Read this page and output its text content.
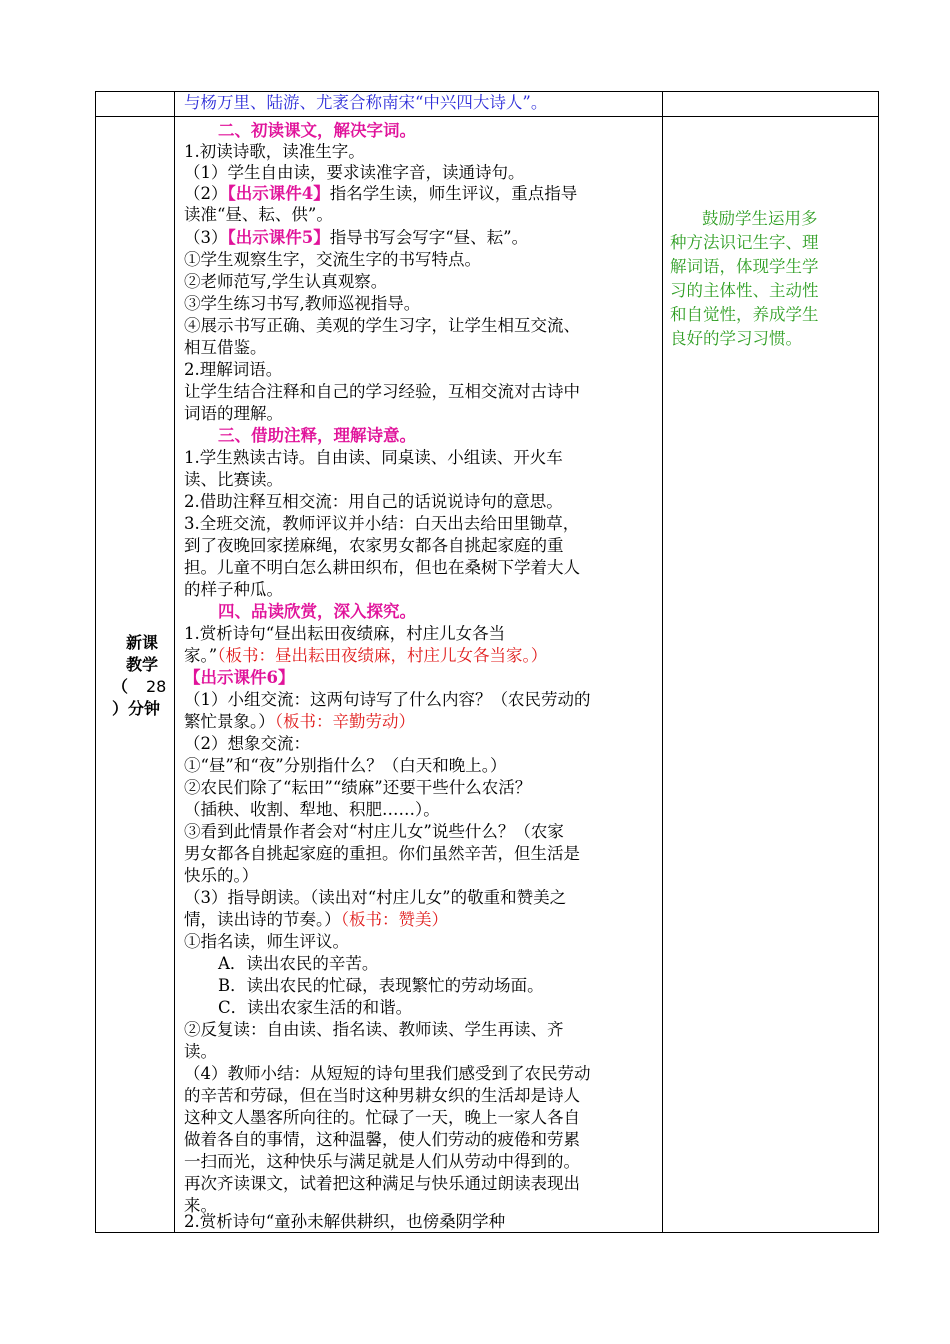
与杨万里、陆游、尤袤合称南宋“中兴四大诗人”。
新课
教学
（ 28
）分钟
鼓励学生运用多
种方法识记生字、理
解词语，体现学生学
习的主体性、主动性
和自觉性，养成学生
良好的学习习惯。
二、初读课文，解决字词。
1.初读诗歌，读准生字。
（1）学生自由读，要求读准字音，读通诗句。
（2）【出示课件4】指名学生读，师生评议，重点指导
读准“昼、耘、供”。
（3）【出示课件5】指导书写会写字“昼、耘”。
①学生观察生字，交流生字的书写特点。
②老师范写,学生认真观察。
③学生练习书写,教师巡视指导。
④展示书写正确、美观的学生习字，让学生相互交流、
相互借鉴。
2.理解词语。
让学生结合注释和自己的学习经验，互相交流对古诗中
词语的理解。
三、借助注释，理解诗意。
1.学生熟读古诗。自由读、同桌读、小组读、开火车
读、比赛读。
2.借助注释互相交流：用自己的话说说诗句的意思。
3.全班交流，教师评议并小结：白天出去给田里锄草，
到了夜晚回家搓麻绳，农家男女都各自挑起家庭的重
担。儿童不明白怎么耕田织布，但也在桑树下学着大人
的样子种瓜。
四、品读欣赏，深入探究。
1.赏析诗句“昼出耘田夜绩麻，村庄儿女各当
家。”（板书：昼出耘田夜绩麻，村庄儿女各当家。）
【出示课件6】
（1）小组交流：这两句诗写了什么内容？（农民劳动的
繁忙景象。）（板书：辛勤劳动）
（2）想象交流：
①“昼”和“夜”分别指什么？（白天和晚上。）
②农民们除了“耘田”“绩麻”还要干些什么农活？
（插秧、收割、犁地、积肥……）。
③看到此情景作者会对“村庄儿女”说些什么？（农家
男女都各自挑起家庭的重担。你们虽然辛苦，但生活是
快乐的。）
（3）指导朗读。（读出对“村庄儿女”的敬重和赞美之
情，读出诗的节奏。）（板书：赞美）
①指名读，师生评议。
A．读出农民的辛苦。
B．读出农民的忙碌，表现繁忙的劳动场面。
C．读出农家生活的和谐。
②反复读：自由读、指名读、教师读、学生再读、齐
读。
（4）教师小结：从短短的诗句里我们感受到了农民劳动
的辛苦和劳碌，但在当时这种男耕女织的生活却是诗人
这种文人墨客所向往的。忙碌了一天，晚上一家人各自
做着各自的事情，这种温馨，使人们劳动的疲倦和劳累
一扫而光，这种快乐与满足就是人们从劳动中得到的。
再次齐读课文，试着把这种满足与快乐通过朗读表现出
来。
2.赏析诗句“童孙未解供耕织，也傍桑阴学种
